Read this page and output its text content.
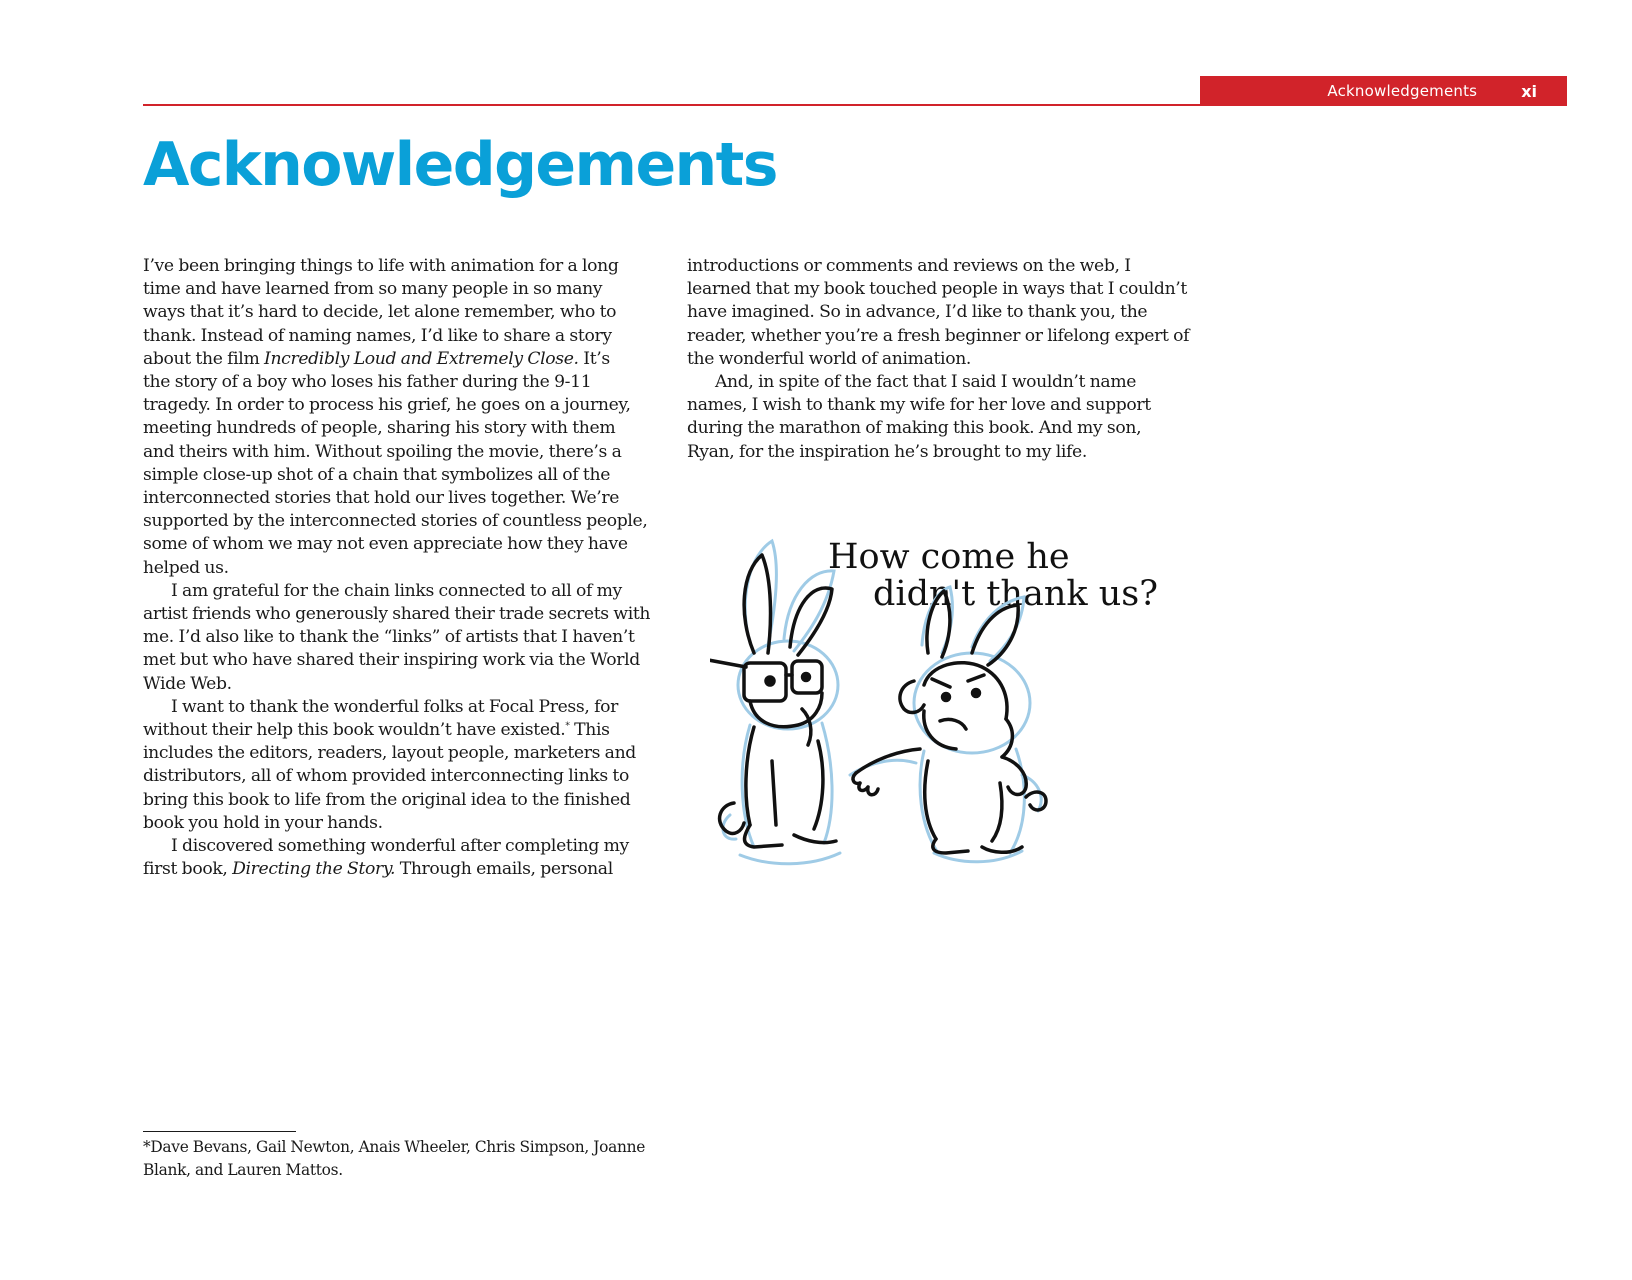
Acknowledgements	xi
Acknowledgements
I’ve been bringing things to life with animation for a long
time and have learned from so many people in so many
ways that it’s hard to decide, let alone remember, who to
thank. Instead of naming names, I’d like to share a story
about the film Incredibly Loud and Extremely Close. It’s
the story of a boy who loses his father during the 9-11
tragedy. In order to process his grief, he goes on a journey,
meeting hundreds of people, sharing his story with them
and theirs with him. Without spoiling the movie, there’s a
simple close-up shot of a chain that symbolizes all of the
interconnected stories that hold our lives together. We’re
supported by the interconnected stories of countless people,
some of whom we may not even appreciate how they have
helped us.
I am grateful for the chain links connected to all of my
artist friends who generously shared their trade secrets with
me. I’d also like to thank the “links” of artists that I haven’t
met but who have shared their inspiring work via the World
Wide Web.
I want to thank the wonderful folks at Focal Press, for
without their help this book wouldn’t have existed.* This
includes the editors, readers, layout people, marketers and
distributors, all of whom provided interconnecting links to
bring this book to life from the original idea to the finished
book you hold in your hands.
I discovered something wonderful after completing my
first book, Directing the Story. Through emails, personal
introductions or comments and reviews on the web, I
learned that my book touched people in ways that I couldn’t
have imagined. So in advance, I’d like to thank you, the
reader, whether you’re a fresh beginner or lifelong expert of
the wonderful world of animation.
And, in spite of the fact that I said I wouldn’t name
names, I wish to thank my wife for her love and support
during the marathon of making this book. And my son,
Ryan, for the inspiration he’s brought to my life.
How come he
didn't thank us?
*Dave Bevans, Gail Newton, Anais Wheeler, Chris Simpson, Joanne
Blank, and Lauren Mattos.
